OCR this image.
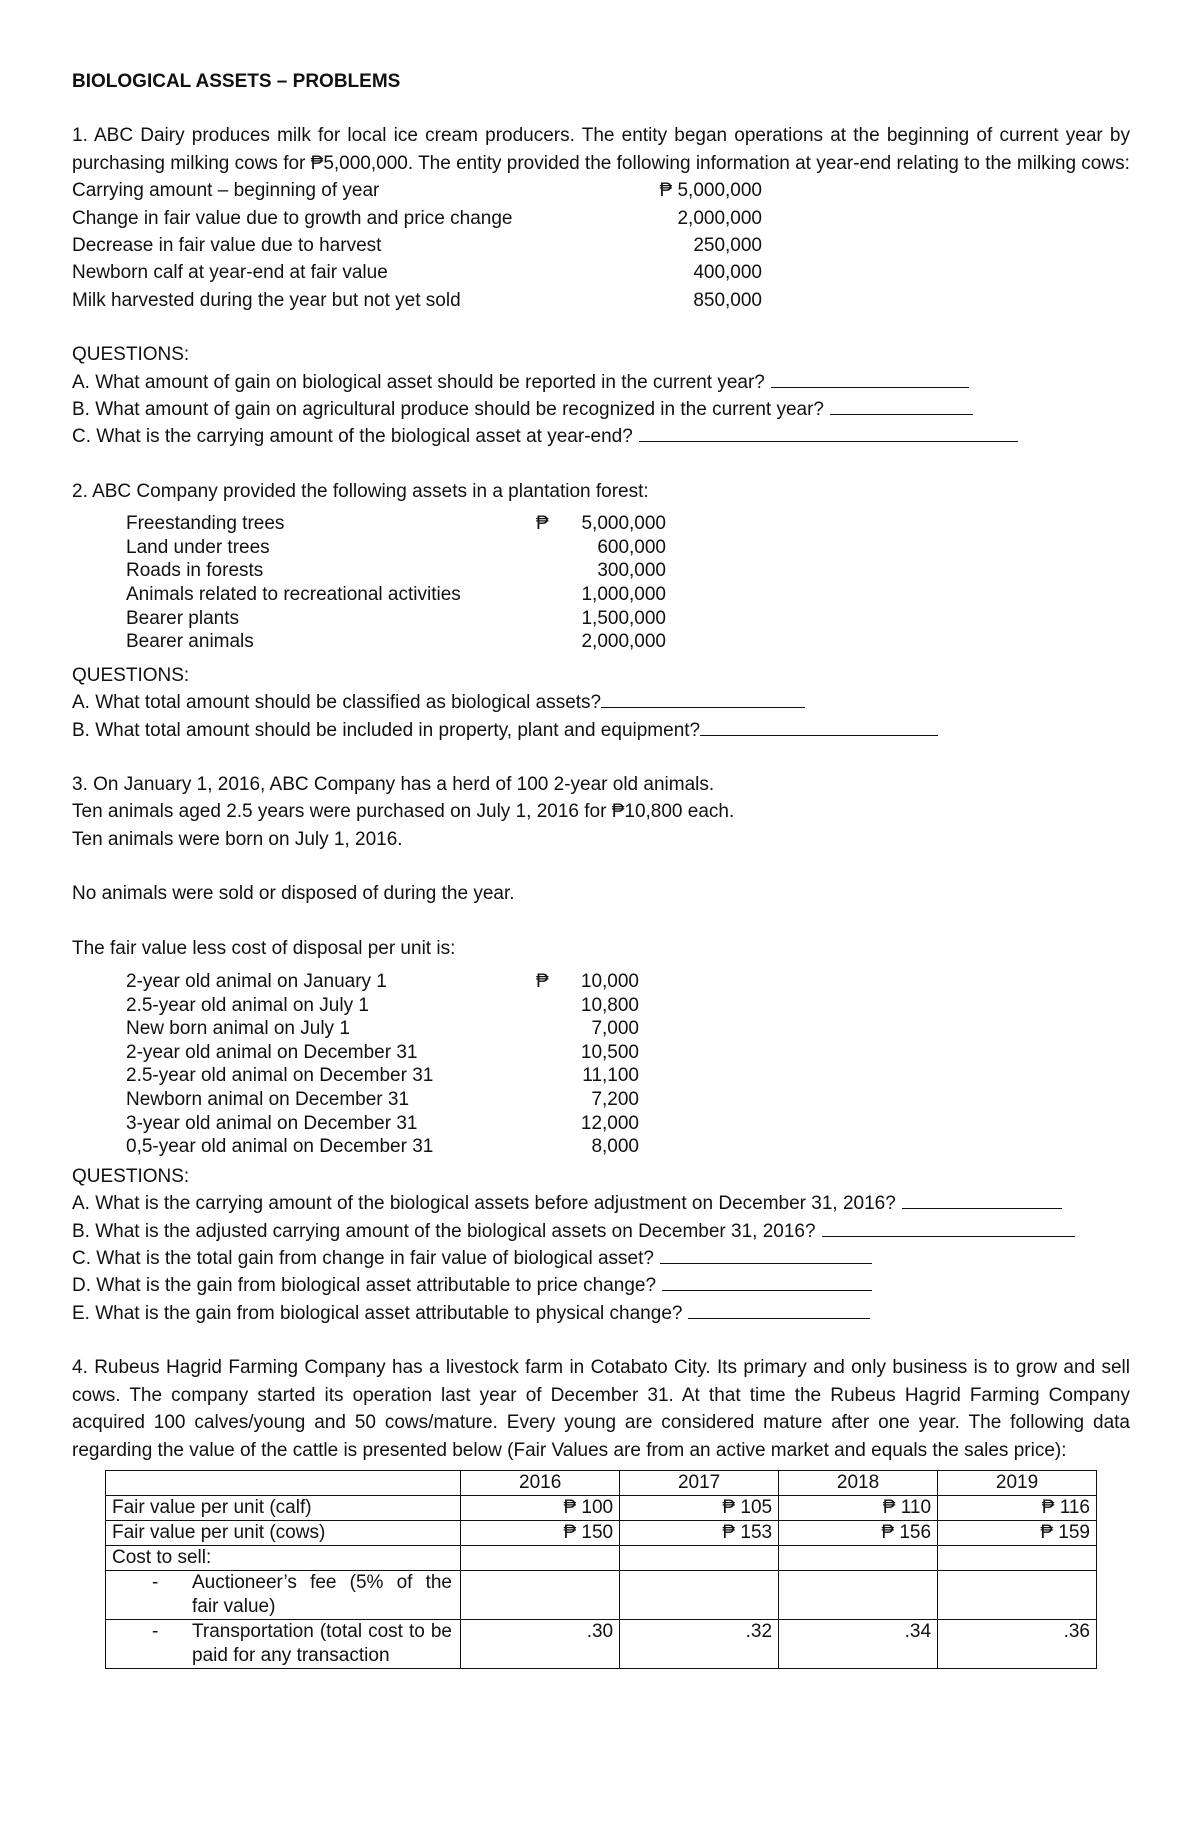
BIOLOGICAL ASSETS – PROBLEMS
1. ABC Dairy produces milk for local ice cream producers. The entity began operations at the beginning of current year by purchasing milking cows for ₱5,000,000. The entity provided the following information at year-end relating to the milking cows:
Carrying amount – beginning of year	₱ 5,000,000
Change in fair value due to growth and price change	2,000,000
Decrease in fair value due to harvest	250,000
Newborn calf at year-end at fair value	400,000
Milk harvested during the year but not yet sold	850,000
QUESTIONS:
A. What amount of gain on biological asset should be reported in the current year?
B. What amount of gain on agricultural produce should be recognized in the current year?
C. What is the carrying amount of the biological asset at year-end?
2. ABC Company provided the following assets in a plantation forest:
Freestanding trees	₱	5,000,000
Land under trees	600,000
Roads in forests	300,000
Animals related to recreational activities	1,000,000
Bearer plants	1,500,000
Bearer animals	2,000,000
QUESTIONS:
A. What total amount should be classified as biological assets?
B. What total amount should be included in property, plant and equipment?
3. On January 1, 2016, ABC Company has a herd of 100 2-year old animals.
Ten animals aged 2.5 years were purchased on July 1, 2016 for ₱10,800 each.
Ten animals were born on July 1, 2016.
No animals were sold or disposed of during the year.
The fair value less cost of disposal per unit is:
2-year old animal on January 1	₱	10,000
2.5-year old animal on July 1	10,800
New born animal on July 1	7,000
2-year old animal on December 31	10,500
2.5-year old animal on December 31	11,100
Newborn animal on December 31	7,200
3-year old animal on December 31	12,000
0,5-year old animal on December 31	8,000
QUESTIONS:
A. What is the carrying amount of the biological assets before adjustment on December 31, 2016?
B. What is the adjusted carrying amount of the biological assets on December 31, 2016?
C. What is the total gain from change in fair value of biological asset?
D. What is the gain from biological asset attributable to price change?
E. What is the gain from biological asset attributable to physical change?
4. Rubeus Hagrid Farming Company has a livestock farm in Cotabato City. Its primary and only business is to grow and sell cows. The company started its operation last year of December 31. At that time the Rubeus Hagrid Farming Company acquired 100 calves/young and 50 cows/mature. Every young are considered mature after one year. The following data regarding the value of the cattle is presented below (Fair Values are from an active market and equals the sales price):
	2016	2017	2018	2019
Fair value per unit (calf)	₱ 100	₱ 105	₱ 110	₱ 116
Fair value per unit (cows)	₱ 150	₱ 153	₱ 156	₱ 159
Cost to sell:				
- Auctioneer’s fee (5% of the fair value)				
- Transportation (total cost to be paid for any transaction	.30	.32	.34	.36
